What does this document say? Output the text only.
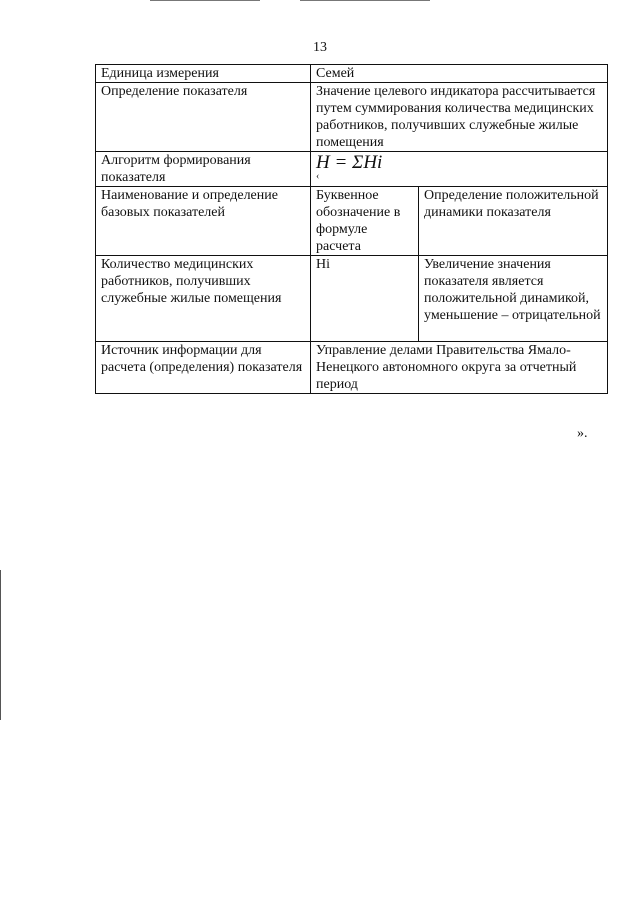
13
Единица измерения	Семей	
Определение показателя	Значение целевого индикатора рассчитывается путем суммирования количества медицинских работников, получивших служебные жилые помещения	
Алгоритм формирования показателя	H = ΣHi
‹	

Наименование и определение базовых показателей	Буквенное обозначение в формуле расчета	Определение положительной динамики показателя
Количество медицинских работников, получивших служебные жилые помещения	Hi	Увеличение значения показателя является положительной динамикой, уменьшение – отрицательной
Источник информации для расчета (определения) показателя	Управление делами Правительства Ямало-Ненецкого автономного округа за отчетный период	
».
